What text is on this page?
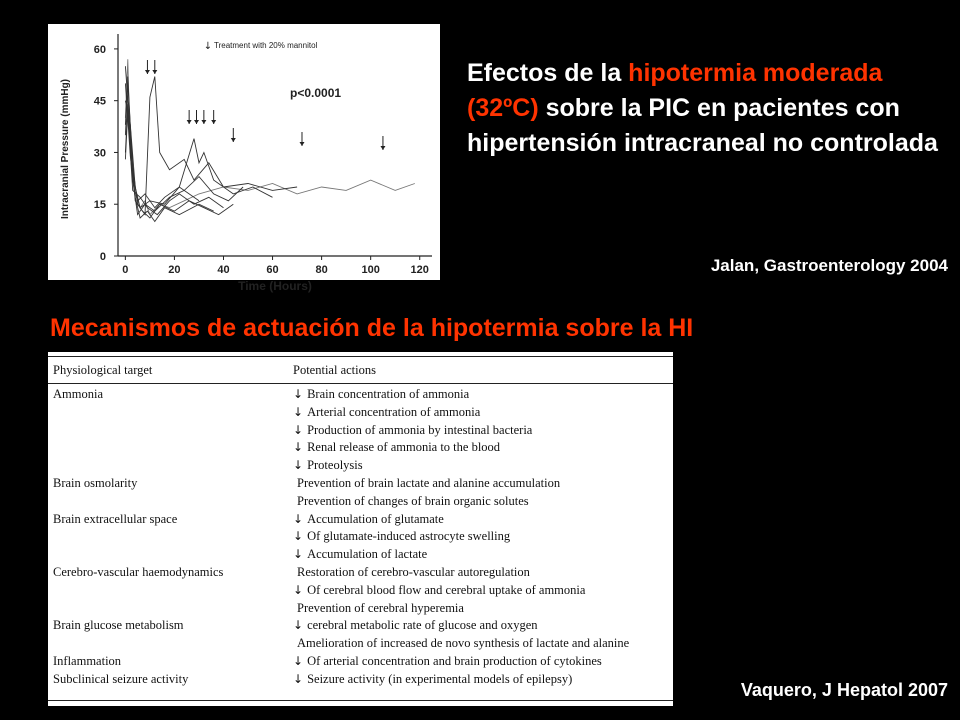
0
15
30
45
60
0	20	40	60	80	100	120
Time (Hours)
Intracranial Pressure (mmHg)
↓ Treatment with 20% mannitol
p<0.0001
Efectos de la hipotermia moderada (32ºC) sobre la PIC en pacientes con hipertensión intracraneal no controlada
Jalan, Gastroenterology 2004
Mecanismos de actuación de la hipotermia sobre la HI
Physiological target	Potential actions
Ammonia	↓ Brain concentration of ammonia
↓ Arterial concentration of ammonia
↓ Production of ammonia by intestinal bacteria
↓ Renal release of ammonia to the blood
↓ Proteolysis
Brain osmolarity	Prevention of brain lactate and alanine accumulation
Prevention of changes of brain organic solutes
Brain extracellular space	↓ Accumulation of glutamate
↓ Of glutamate-induced astrocyte swelling
↓ Accumulation of lactate
Cerebro-vascular haemodynamics	Restoration of cerebro-vascular autoregulation
↓ Of cerebral blood flow and cerebral uptake of ammonia
Prevention of cerebral hyperemia
Brain glucose metabolism	↓ cerebral metabolic rate of glucose and oxygen
Amelioration of increased de novo synthesis of lactate and alanine
Inflammation	↓ Of arterial concentration and brain production of cytokines
Subclinical seizure activity	↓ Seizure activity (in experimental models of epilepsy)
Vaquero, J Hepatol 2007
